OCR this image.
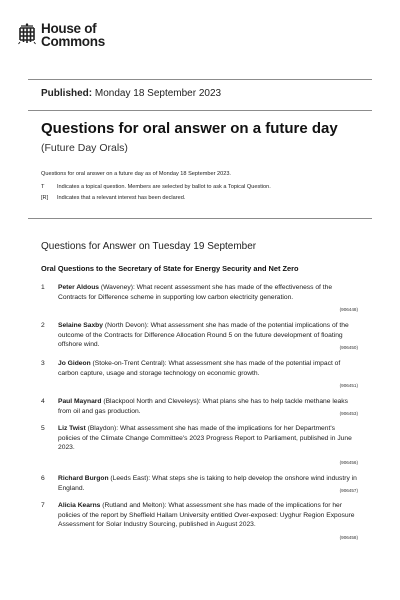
House of
Commons
Published: Monday 18 September 2023
Questions for oral answer on a future day
(Future Day Orals)
Questions for oral answer on a future day as of Monday 18 September 2023.
T	Indicates a topical question. Members are selected by ballot to ask a Topical Question.
[R]	Indicates that a relevant interest has been declared.
Questions for Answer on Tuesday 19 September
Oral Questions to the Secretary of State for Energy Security and Net Zero
1 Peter Aldous (Waveney): What recent assessment she has made of the effectiveness of the Contracts for Difference scheme in supporting low carbon electricity generation.
(906448)
2 Selaine Saxby (North Devon): What assessment she has made of the potential implications of the outcome of the Contracts for Difference Allocation Round 5 on the future development of floating offshore wind.	(906450)
3 Jo Gideon (Stoke-on-Trent Central): What assessment she has made of the potential impact of carbon capture, usage and storage technology on economic growth.
(906451)
4 Paul Maynard (Blackpool North and Cleveleys): What plans she has to help tackle methane leaks from oil and gas production.	(906453)
5 Liz Twist (Blaydon): What assessment she has made of the implications for her Department's policies of the Climate Change Committee's 2023 Progress Report to Parliament, published in June 2023.
(906456)
6 Richard Burgon (Leeds East): What steps she is taking to help develop the onshore wind industry in England.	(906457)
7 Alicia Kearns (Rutland and Melton): What assessment she has made of the implications for her policies of the report by Sheffield Hallam University entitled Over-exposed: Uyghur Region Exposure Assessment for Solar Industry Sourcing, published in August 2023.
(906458)
